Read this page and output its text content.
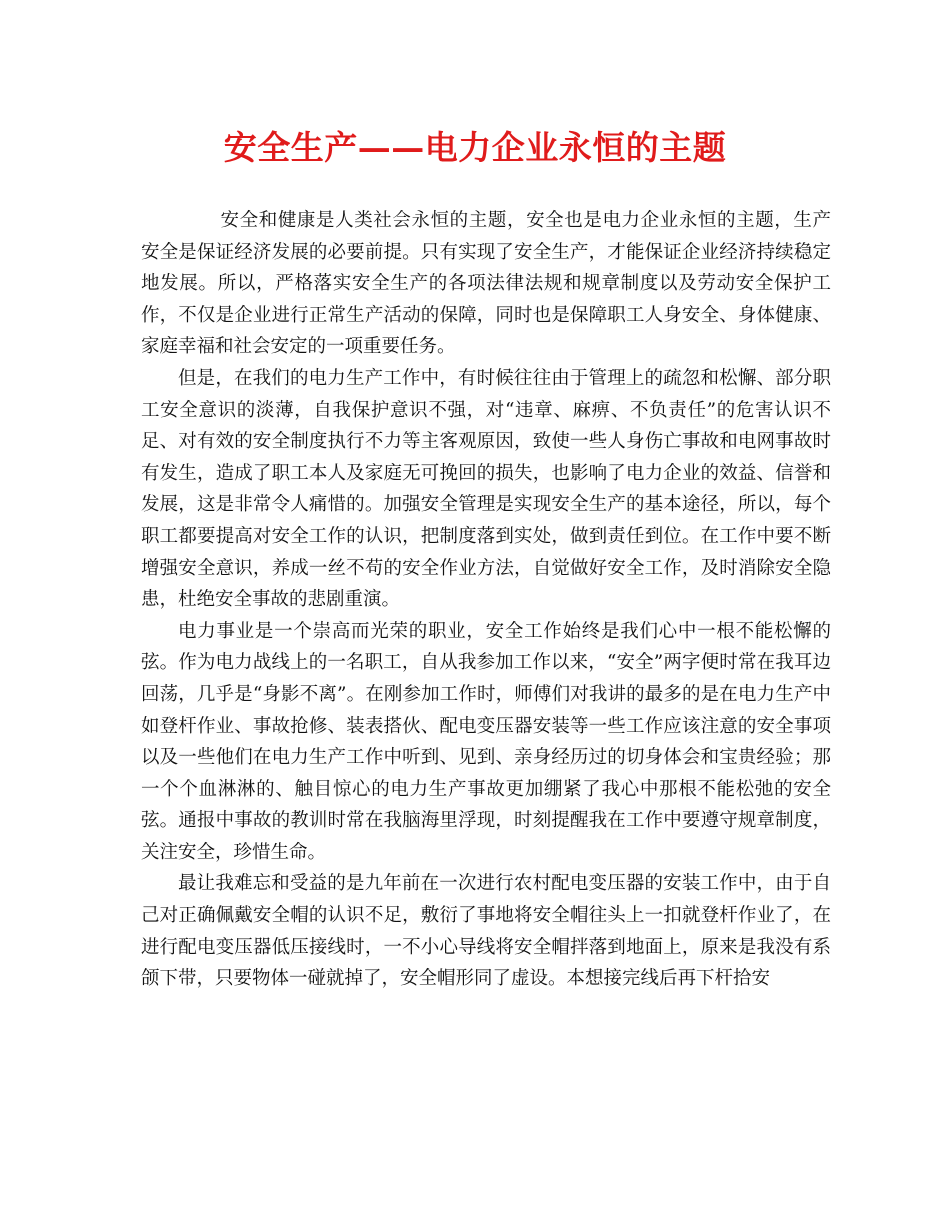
安全生产——电力企业永恒的主题

安全和健康是人类社会永恒的主题，安全也是电力企业永恒的主题，生产安全是保证经济发展的必要前提。只有实现了安全生产，才能保证企业经济持续稳定地发展。所以，严格落实安全生产的各项法律法规和规章制度以及劳动安全保护工作，不仅是企业进行正常生产活动的保障，同时也是保障职工人身安全、身体健康、家庭幸福和社会安定的一项重要任务。

但是，在我们的电力生产工作中，有时候往往由于管理上的疏忽和松懈、部分职工安全意识的淡薄，自我保护意识不强，对“违章、麻痹、不负责任”的危害认识不足、对有效的安全制度执行不力等主客观原因，致使一些人身伤亡事故和电网事故时有发生，造成了职工本人及家庭无可挽回的损失，也影响了电力企业的效益、信誉和发展，这是非常令人痛惜的。加强安全管理是实现安全生产的基本途径，所以，每个职工都要提高对安全工作的认识，把制度落到实处，做到责任到位。在工作中要不断增强安全意识，养成一丝不苟的安全作业方法，自觉做好安全工作，及时消除安全隐患，杜绝安全事故的悲剧重演。

电力事业是一个崇高而光荣的职业，安全工作始终是我们心中一根不能松懈的弦。作为电力战线上的一名职工，自从我参加工作以来，“安全”两字便时常在我耳边回荡，几乎是“身影不离”。在刚参加工作时，师傅们对我讲的最多的是在电力生产中如登杆作业、事故抢修、装表搭伙、配电变压器安装等一些工作应该注意的安全事项以及一些他们在电力生产工作中听到、见到、亲身经历过的切身体会和宝贵经验；那一个个血淋淋的、触目惊心的电力生产事故更加绷紧了我心中那根不能松弛的安全弦。通报中事故的教训时常在我脑海里浮现，时刻提醒我在工作中要遵守规章制度，关注安全，珍惜生命。

最让我难忘和受益的是九年前在一次进行农村配电变压器的安装工作中，由于自己对正确佩戴安全帽的认识不足，敷衍了事地将安全帽往头上一扣就登杆作业了，在进行配电变压器低压接线时，一不小心导线将安全帽拌落到地面上，原来是我没有系颌下带，只要物体一碰就掉了，安全帽形同了虚设。本想接完线后再下杆拾安
